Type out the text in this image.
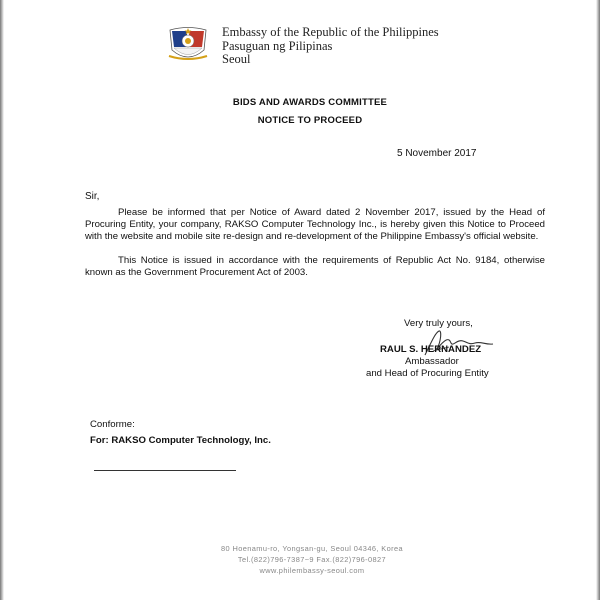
Embassy of the Republic of the Philippines
Pasuguan ng Pilipinas
Seoul
BIDS AND AWARDS COMMITTEE
NOTICE TO PROCEED
5 November 2017
Sir,
Please be informed that per Notice of Award dated 2 November 2017, issued by the Head of Procuring Entity, your company, RAKSO Computer Technology Inc., is hereby given this Notice to Proceed with the website and mobile site re-design and re-development of the Philippine Embassy's official website.
This Notice is issued in accordance with the requirements of Republic Act No. 9184, otherwise known as the Government Procurement Act of 2003.
Very truly yours,
RAUL S. HERNANDEZ
Ambassador
and Head of Procuring Entity
Conforme:
For: RAKSO Computer Technology, Inc.
80 Hoenamu-ro, Yongsan-gu, Seoul 04346, Korea
Tel.(822)796-7387~9 Fax.(822)796-0827
www.philembassy-seoul.com
